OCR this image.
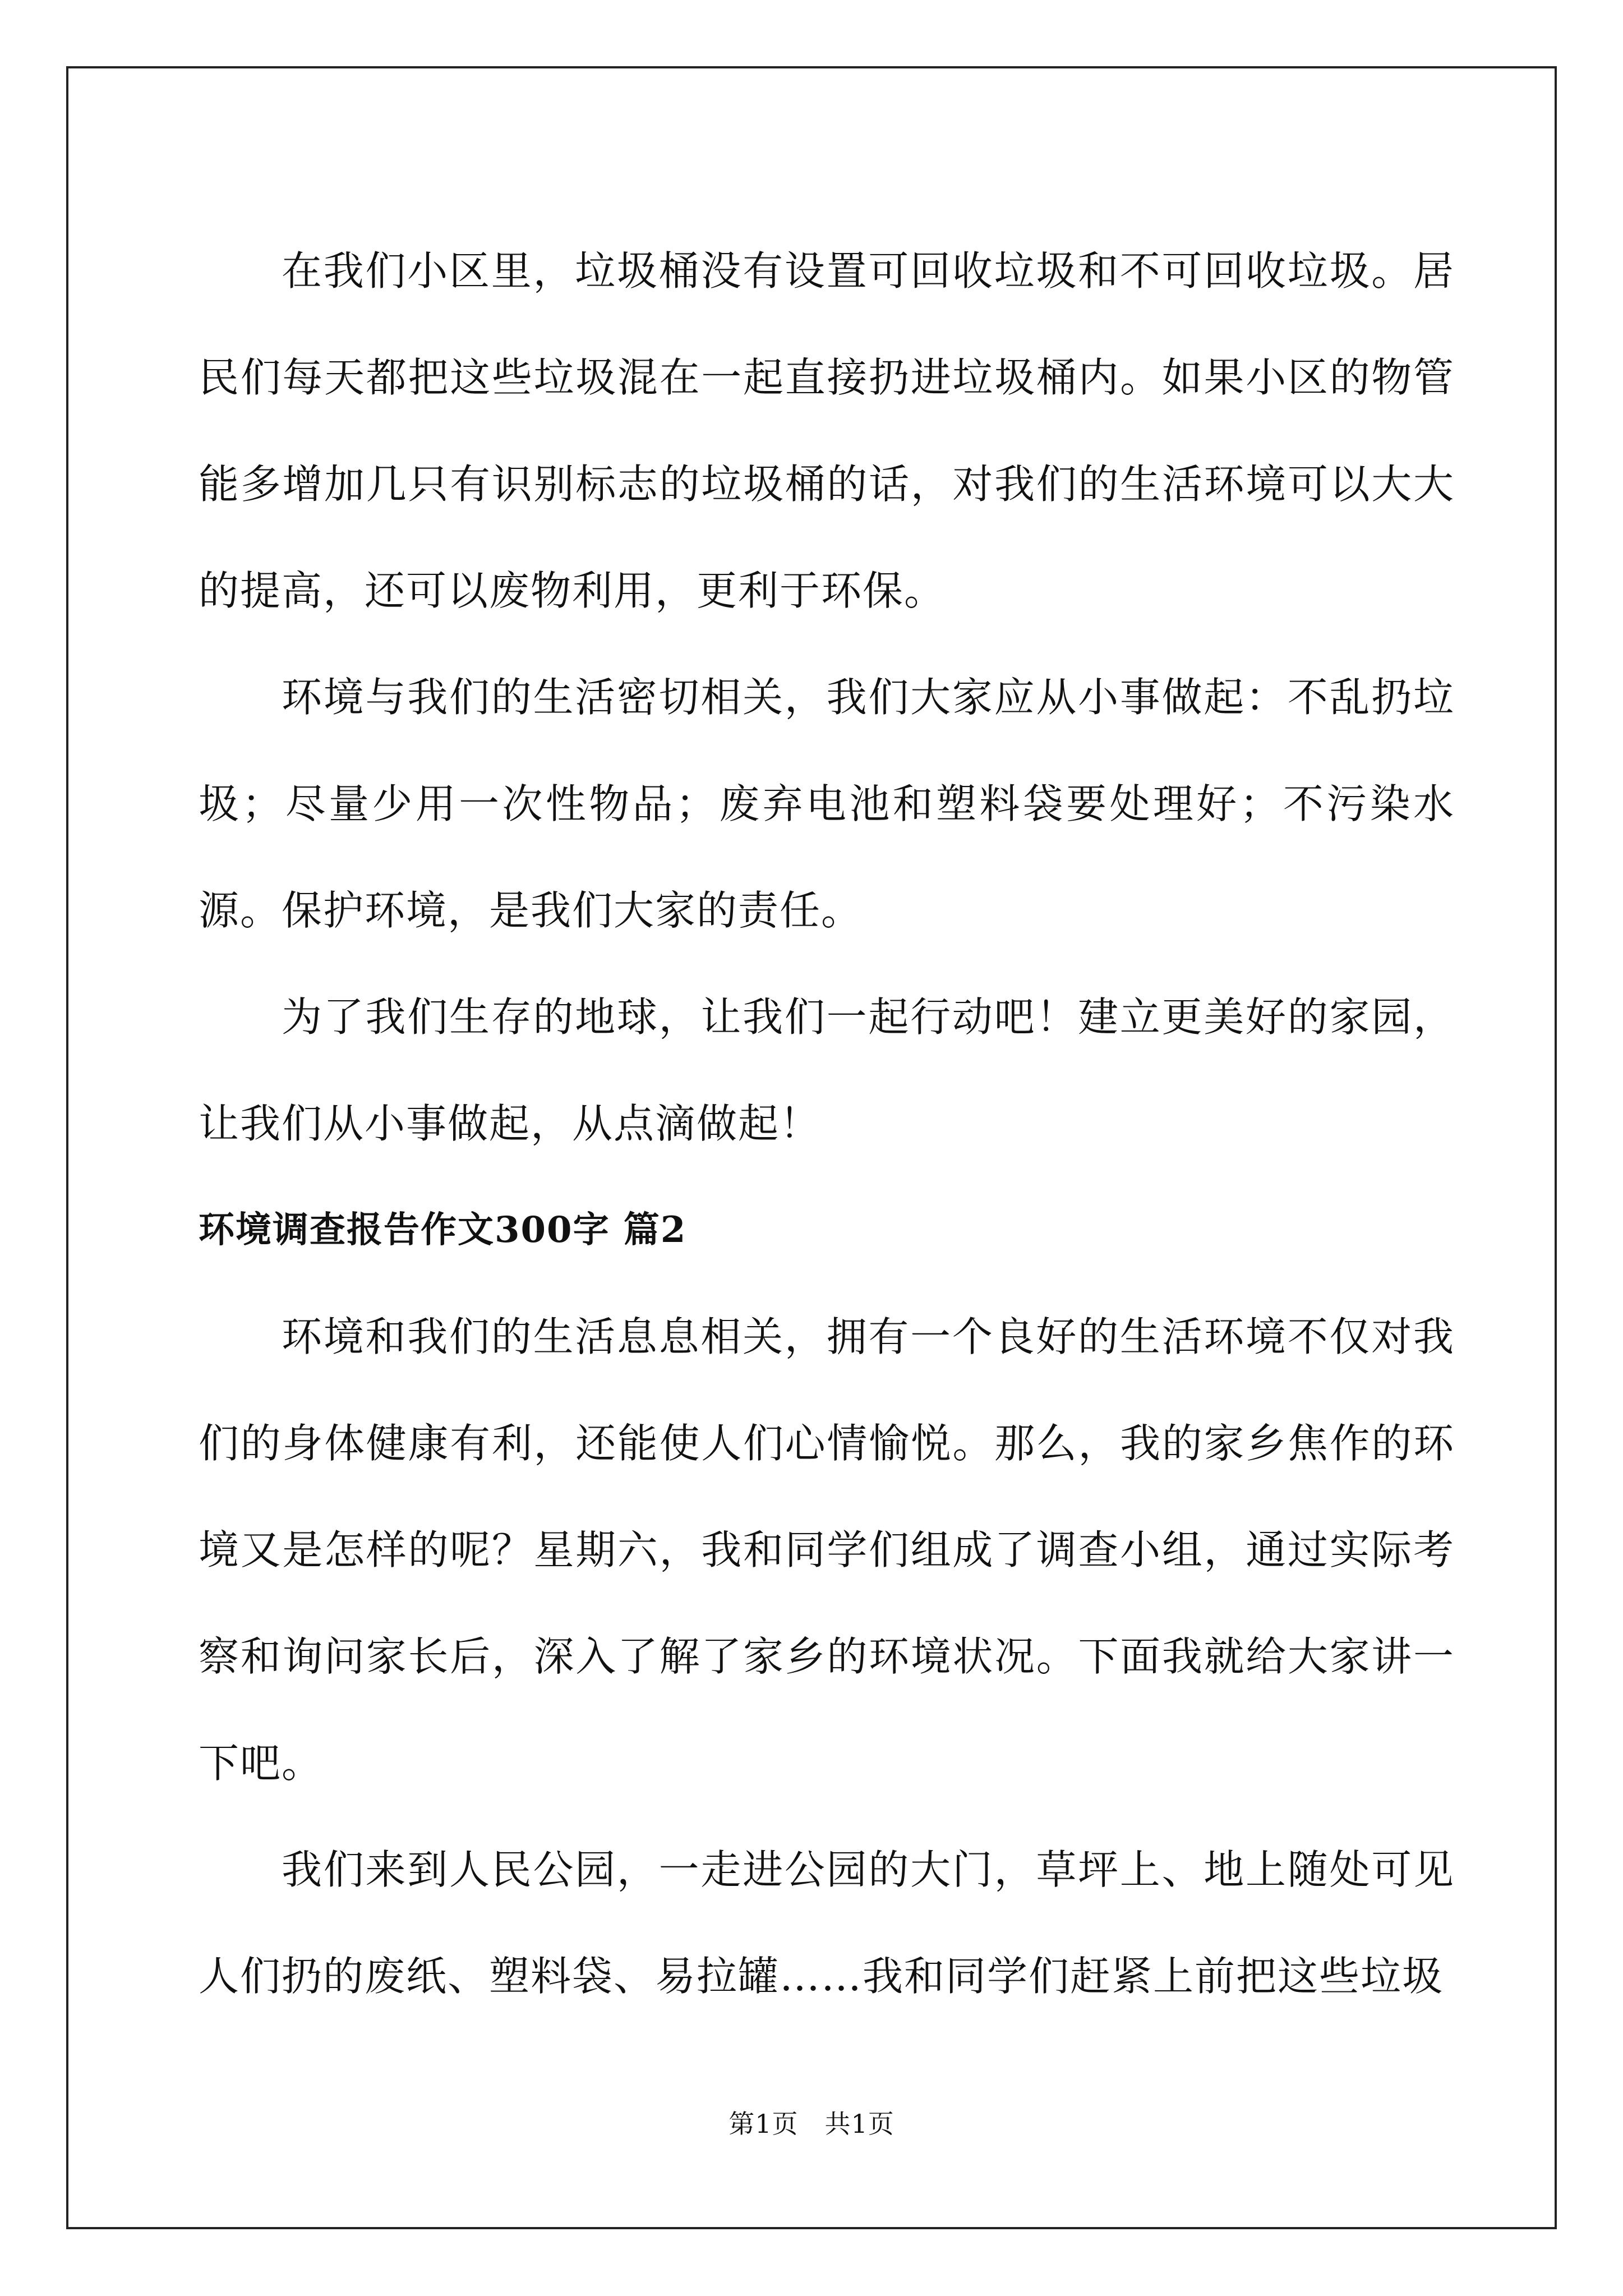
在我们小区里，垃圾桶没有设置可回收垃圾和不可回收垃圾。居民们每天都把这些垃圾混在一起直接扔进垃圾桶内。如果小区的物管能多增加几只有识别标志的垃圾桶的话，对我们的生活环境可以大大的提高，还可以废物利用，更利于环保。

环境与我们的生活密切相关，我们大家应从小事做起：不乱扔垃圾；尽量少用一次性物品；废弃电池和塑料袋要处理好；不污染水源。保护环境，是我们大家的责任。

为了我们生存的地球，让我们一起行动吧！建立更美好的家园，让我们从小事做起，从点滴做起！

环境调查报告作文300字 篇2

环境和我们的生活息息相关，拥有一个良好的生活环境不仅对我们的身体健康有利，还能使人们心情愉悦。那么，我的家乡焦作的环境又是怎样的呢？星期六，我和同学们组成了调查小组，通过实际考察和询问家长后，深入了解了家乡的环境状况。下面我就给大家讲一下吧。

我们来到人民公园，一走进公园的大门，草坪上、地上随处可见人们扔的废纸、塑料袋、易拉罐……我和同学们赶紧上前把这些垃圾

第1页 共1页
